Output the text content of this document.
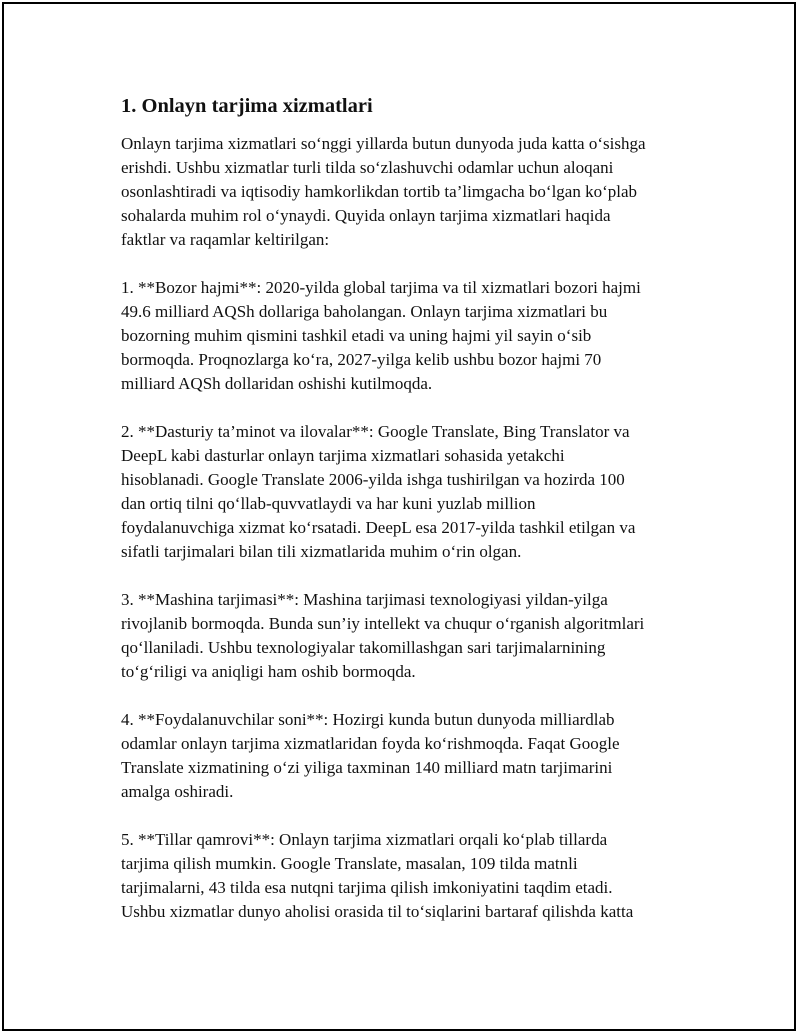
1. Onlayn tarjima xizmatlari
Onlayn tarjima xizmatlari so‘nggi yillarda butun dunyoda juda katta o‘sishga
erishdi. Ushbu xizmatlar turli tilda so‘zlashuvchi odamlar uchun aloqani
osonlashtiradi va iqtisodiy hamkorlikdan tortib ta’limgacha bo‘lgan ko‘plab
sohalarda muhim rol o‘ynaydi. Quyida onlayn tarjima xizmatlari haqida
faktlar va raqamlar keltirilgan:
1. **Bozor hajmi**: 2020-yilda global tarjima va til xizmatlari bozori hajmi
49.6 milliard AQSh dollariga baholangan. Onlayn tarjima xizmatlari bu
bozorning muhim qismini tashkil etadi va uning hajmi yil sayin o‘sib
bormoqda. Proqnozlarga ko‘ra, 2027-yilga kelib ushbu bozor hajmi 70
milliard AQSh dollaridan oshishi kutilmoqda.
2. **Dasturiy ta’minot va ilovalar**: Google Translate, Bing Translator va
DeepL kabi dasturlar onlayn tarjima xizmatlari sohasida yetakchi
hisoblanadi. Google Translate 2006-yilda ishga tushirilgan va hozirda 100
dan ortiq tilni qo‘llab-quvvatlaydi va har kuni yuzlab million
foydalanuvchiga xizmat ko‘rsatadi. DeepL esa 2017-yilda tashkil etilgan va
sifatli tarjimalari bilan tili xizmatlarida muhim o‘rin olgan.
3. **Mashina tarjimasi**: Mashina tarjimasi texnologiyasi yildan-yilga
rivojlanib bormoqda. Bunda sun’iy intellekt va chuqur o‘rganish algoritmlari
qo‘llaniladi. Ushbu texnologiyalar takomillashgan sari tarjimalarnining
to‘g‘riligi va aniqligi ham oshib bormoqda.
4. **Foydalanuvchilar soni**: Hozirgi kunda butun dunyoda milliardlab
odamlar onlayn tarjima xizmatlaridan foyda ko‘rishmoqda. Faqat Google
Translate xizmatining o‘zi yiliga taxminan 140 milliard matn tarjimarini
amalga oshiradi.
5. **Tillar qamrovi**: Onlayn tarjima xizmatlari orqali ko‘plab tillarda
tarjima qilish mumkin. Google Translate, masalan, 109 tilda matnli
tarjimalarni, 43 tilda esa nutqni tarjima qilish imkoniyatini taqdim etadi.
Ushbu xizmatlar dunyo aholisi orasida til to‘siqlarini bartaraf qilishda katta
